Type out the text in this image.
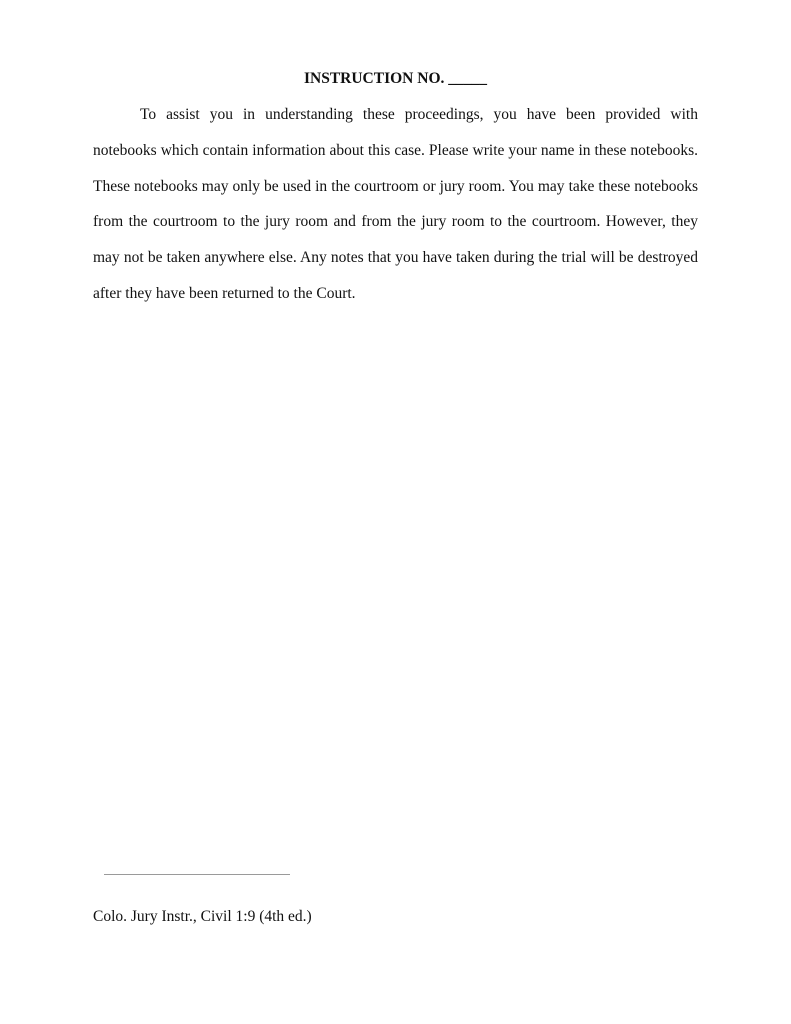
INSTRUCTION NO. _____

To assist you in understanding these proceedings, you have been provided with notebooks which contain information about this case. Please write your name in these notebooks. These notebooks may only be used in the courtroom or jury room. You may take these notebooks from the courtroom to the jury room and from the jury room to the courtroom. However, they may not be taken anywhere else. Any notes that you have taken during the trial will be destroyed after they have been returned to the Court.

Colo. Jury Instr., Civil 1:9 (4th ed.)
